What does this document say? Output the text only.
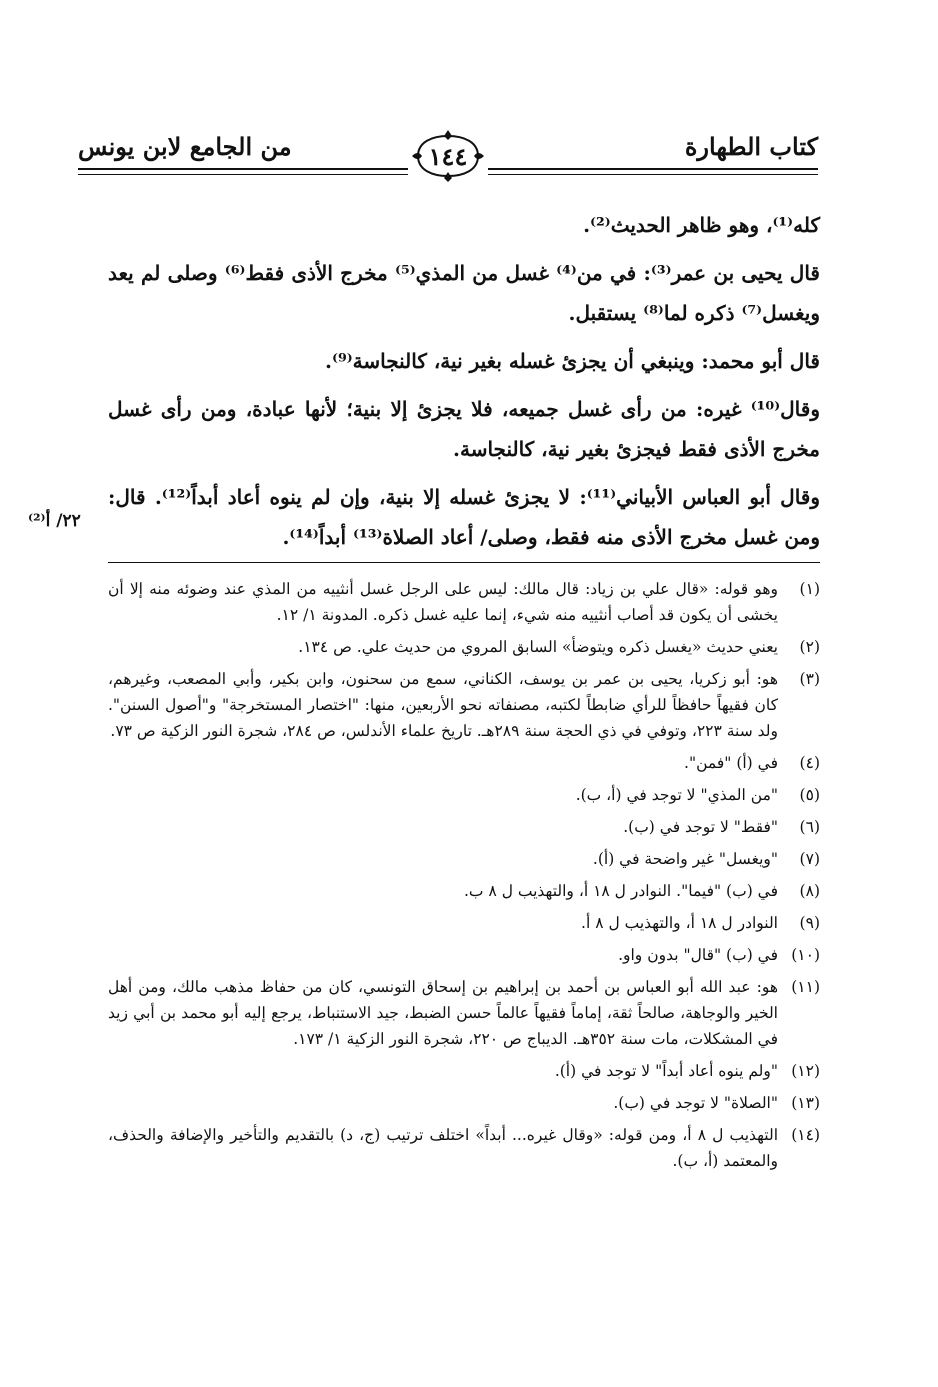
كتاب الطهارة
من الجامع لابن يونس	١٤٤

كله⁽¹⁾، وهو ظاهر الحديث⁽²⁾.

قال يحيى بن عمر⁽³⁾: في من⁽⁴⁾ غسل من المذي⁽⁵⁾ مخرج الأذى فقط⁽⁶⁾ وصلى لم يعد ويغسل⁽⁷⁾ ذكره لما⁽⁸⁾ يستقبل.

قال أبو محمد: وينبغي أن يجزئ غسله بغير نية، كالنجاسة⁽⁹⁾.

وقال⁽¹⁰⁾ غيره: من رأى غسل جميعه، فلا يجزئ إلا بنية؛ لأنها عبادة، ومن رأى غسل مخرج الأذى فقط فيجزئ بغير نية، كالنجاسة.

وقال أبو العباس الأبياني⁽¹¹⁾: لا يجزئ غسله إلا بنية، وإن لم ينوه أعاد أبداً⁽¹²⁾. قال: ومن غسل مخرج الأذى منه فقط، وصلى/ أعاد الصلاة⁽¹³⁾ أبداً⁽¹⁴⁾.

٢٢/ أ⁽²⁾
(١)
وهو قوله: «قال علي بن زياد: قال مالك: ليس على الرجل غسل أنثييه من المذي عند وضوئه منه إلا أن يخشى أن يكون قد أصاب أنثييه منه شيء، إنما عليه غسل ذكره. المدونة ١/ ١٢.
(٢)
يعني حديث «يغسل ذكره ويتوضأ» السابق المروي من حديث علي. ص ١٣٤.
(٣)
هو: أبو زكريا، يحيى بن عمر بن يوسف، الكناني، سمع من سحنون، وابن بكير، وأبي المصعب، وغيرهم، كان فقيهاً حافظاً للرأي ضابطاً لكتبه، مصنفاته نحو الأربعين، منها: "اختصار المستخرجة" و"أصول السنن". ولد سنة ٢٢٣، وتوفي في ذي الحجة سنة ٢٨٩هـ. تاريخ علماء الأندلس، ص ٢٨٤، شجرة النور الزكية ص ٧٣.
(٤)
في (أ) "فمن".
(٥)
"من المذي" لا توجد في (أ، ب).
(٦)
"فقط" لا توجد في (ب).
(٧)
"ويغسل" غير واضحة في (أ).
(٨)
في (ب) "فيما". النوادر ل ١٨ أ، والتهذيب ل ٨ ب.
(٩)
النوادر ل ١٨ أ، والتهذيب ل ٨ أ.
(١٠)
في (ب) "قال" بدون واو.
(١١)
هو: عبد الله أبو العباس بن أحمد بن إبراهيم بن إسحاق التونسي، كان من حفاظ مذهب مالك، ومن أهل الخير والوجاهة، صالحاً ثقة، إماماً فقيهاً عالماً حسن الضبط، جيد الاستنباط، يرجع إليه أبو محمد بن أبي زيد في المشكلات، مات سنة ٣٥٢هـ. الديباج ص ٢٢٠، شجرة النور الزكية ١/ ١٧٣.
(١٢)
"ولم ينوه أعاد أبداً" لا توجد في (أ).
(١٣)
"الصلاة" لا توجد في (ب).
(١٤)
التهذيب ل ٨ أ، ومن قوله: «وقال غيره... أبداً» اختلف ترتيب (ج، د) بالتقديم والتأخير والإضافة والحذف، والمعتمد (أ، ب).
